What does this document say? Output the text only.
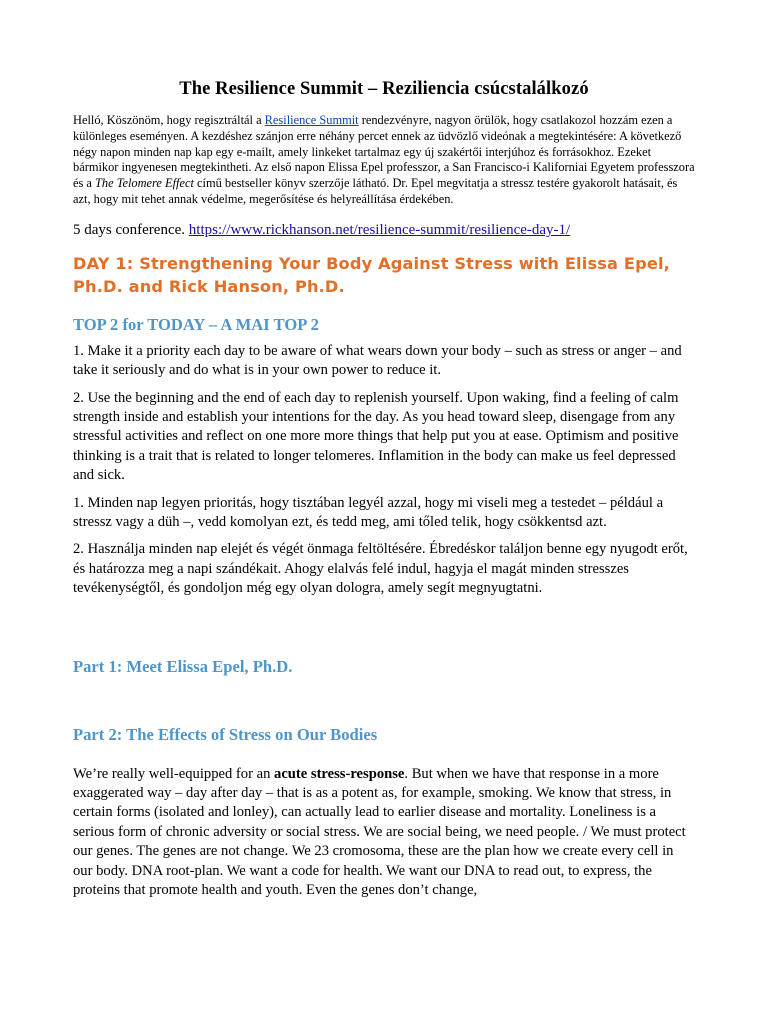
The Resilience Summit – Reziliencia csúcstalálkozó

Helló, Köszönöm, hogy regisztráltál a Resilience Summit rendezvényre, nagyon örülök, hogy csatlakozol hozzám ezen a különleges eseményen. A kezdéshez szánjon erre néhány percet ennek az üdvözlő videónak a megtekintésére: A következő négy napon minden nap kap egy e-mailt, amely linkeket tartalmaz egy új szakértői interjúhoz és forrásokhoz. Ezeket bármikor ingyenesen megtekintheti. Az első napon Elissa Epel professzor, a San Francisco-i Kaliforniai Egyetem professzora és a The Telomere Effect című bestseller könyv szerzője látható. Dr. Epel megvitatja a stressz testére gyakorolt hatásait, és azt, hogy mit tehet annak védelme, megerősítése és helyreállítása érdekében.

5 days conference. https://www.rickhanson.net/resilience-summit/resilience-day-1/

DAY 1: Strengthening Your Body Against Stress with Elissa Epel, Ph.D. and Rick Hanson, Ph.D.
TOP 2 for TODAY – A MAI TOP 2

1. Make it a priority each day to be aware of what wears down your body – such as stress or anger – and take it seriously and do what is in your own power to reduce it.

2. Use the beginning and the end of each day to replenish yourself. Upon waking, find a feeling of calm strength inside and establish your intentions for the day. As you head toward sleep, disengage from any stressful activities and reflect on one more more things that help put you at ease. Optimism and positive thinking is a trait that is related to longer telomeres. Inflamition in the body can make us feel depressed and sick.

1. Minden nap legyen prioritás, hogy tisztában legyél azzal, hogy mi viseli meg a testedet – például a stressz vagy a düh –, vedd komolyan ezt, és tedd meg, ami tőled telik, hogy csökkentsd azt.

2. Használja minden nap elejét és végét önmaga feltöltésére. Ébredéskor találjon benne egy nyugodt erőt, és határozza meg a napi szándékait. Ahogy elalvás felé indul, hagyja el magát minden stresszes tevékenységtől, és gondoljon még egy olyan dologra, amely segít megnyugtatni.

Part 1: Meet Elissa Epel, Ph.D.
Part 2: The Effects of Stress on Our Bodies

We’re really well-equipped for an acute stress-response. But when we have that response in a more exaggerated way – day after day – that is as a potent as, for example, smoking. We know that stress, in certain forms (isolated and lonley), can actually lead to earlier disease and mortality. Loneliness is a serious form of chronic adversity or social stress. We are social being, we need people. / We must protect our genes. The genes are not change. We 23 cromosoma, these are the plan how we create every cell in our body. DNA root-plan. We want a code for health. We want our DNA to read out, to express, the proteins that promote health and youth. Even the genes don’t change,
